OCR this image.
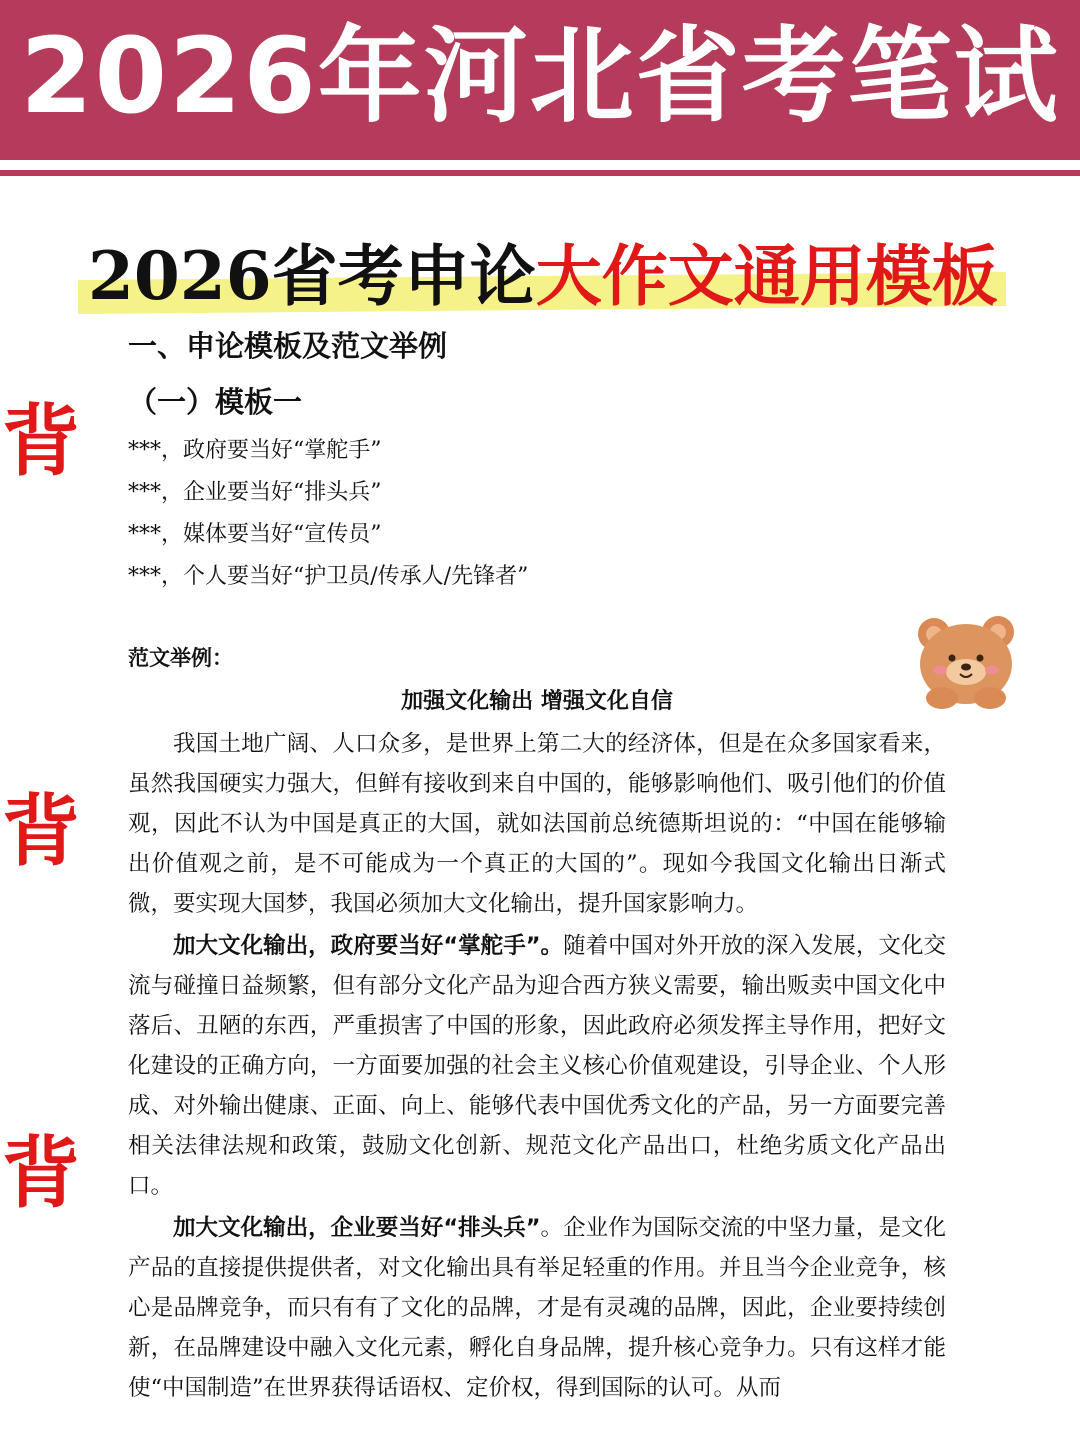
2026年河北省考笔试
2026省考申论大作文通用模板
一、申论模板及范文举例
（一）模板一
***，政府要当好“掌舵手”
***，企业要当好“排头兵”
***，媒体要当好“宣传员”
***，个人要当好“护卫员/传承人/先锋者”
背
背
背
范文举例：
加强文化输出 增强文化自信

我国土地广阔、人口众多，是世界上第二大的经济体，但是在众多国家看来，虽然我国硬实力强大，但鲜有接收到来自中国的，能够影响他们、吸引他们的价值观，因此不认为中国是真正的大国，就如法国前总统德斯坦说的：“中国在能够输出价值观之前，是不可能成为一个真正的大国的”。现如今我国文化输出日渐式微，要实现大国梦，我国必须加大文化输出，提升国家影响力。

加大文化输出，政府要当好“掌舵手”。随着中国对外开放的深入发展，文化交流与碰撞日益频繁，但有部分文化产品为迎合西方狭义需要，输出贩卖中国文化中落后、丑陋的东西，严重损害了中国的形象，因此政府必须发挥主导作用，把好文化建设的正确方向，一方面要加强的社会主义核心价值观建设，引导企业、个人形成、对外输出健康、正面、向上、能够代表中国优秀文化的产品，另一方面要完善相关法律法规和政策，鼓励文化创新、规范文化产品出口，杜绝劣质文化产品出口。

加大文化输出，企业要当好“排头兵”。企业作为国际交流的中坚力量，是文化产品的直接提供提供者，对文化输出具有举足轻重的作用。并且当今企业竞争，核心是品牌竞争，而只有有了文化的品牌，才是有灵魂的品牌，因此，企业要持续创新，在品牌建设中融入文化元素，孵化自身品牌，提升核心竞争力。只有这样才能使“中国制造”在世界获得话语权、定价权，得到国际的认可。从而
